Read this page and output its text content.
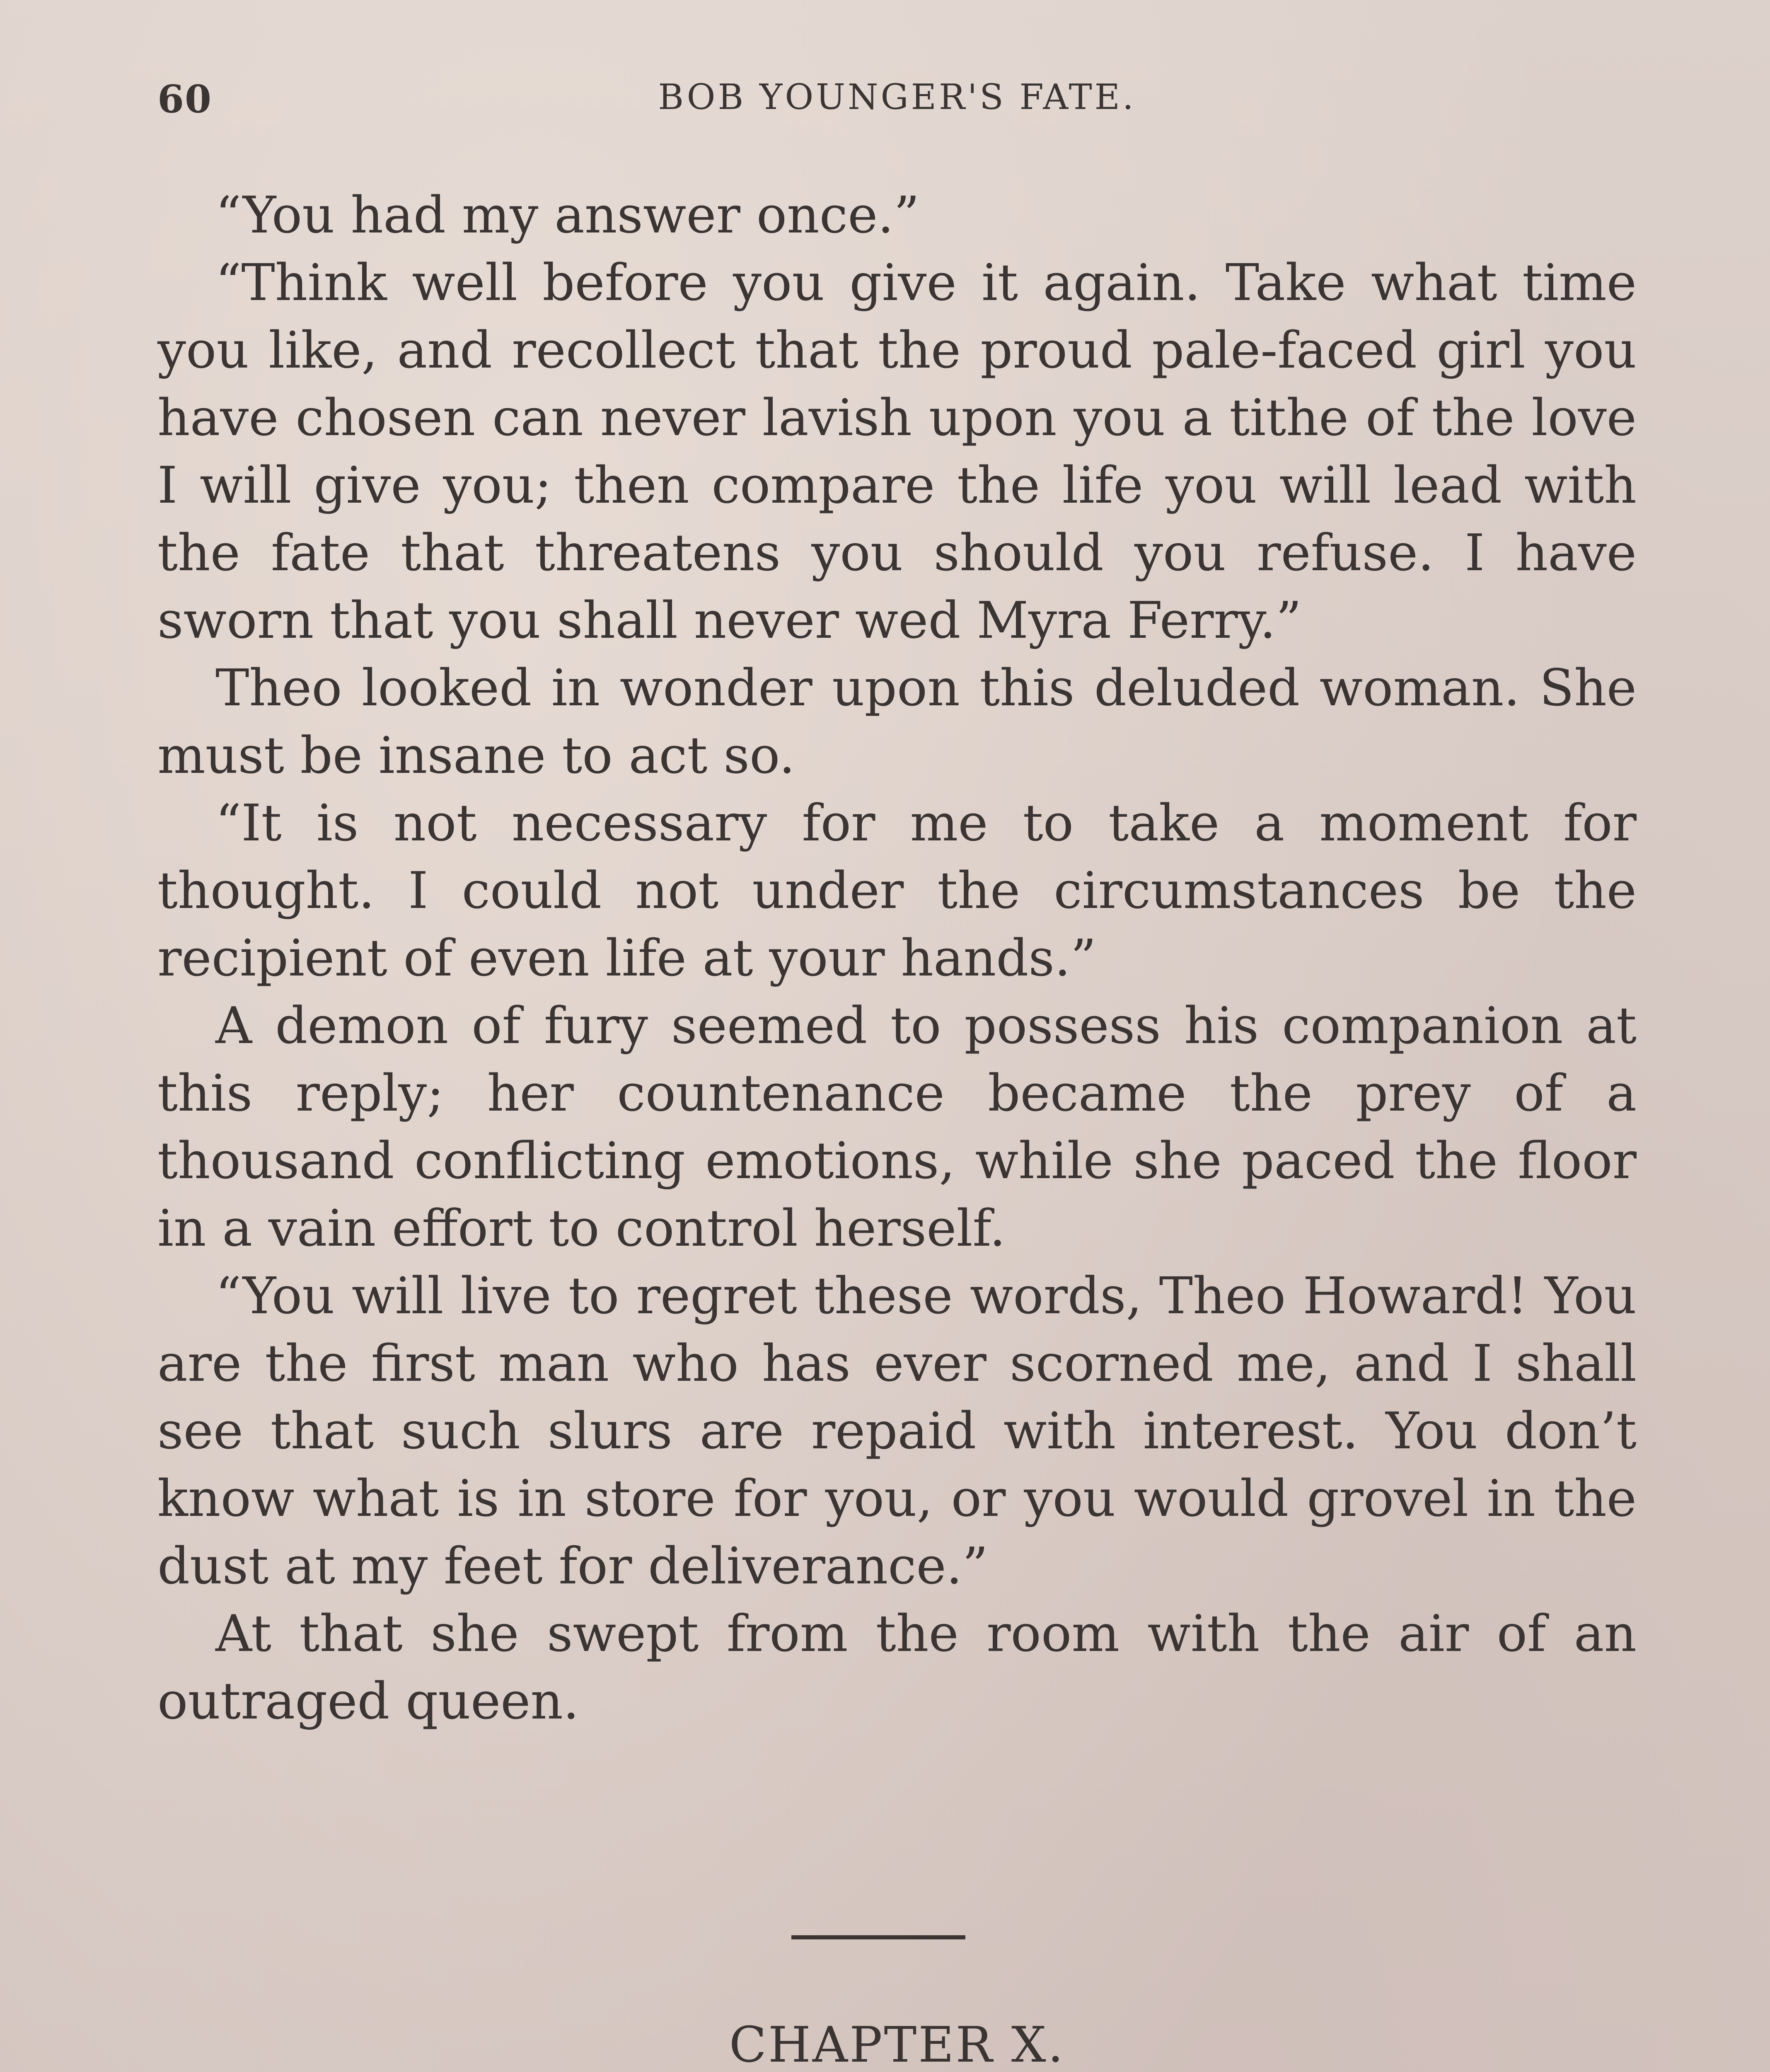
60	BOB YOUNGER'S FATE.

“You had my answer once.”

“Think well before you give it again. Take what time you like, and recollect that the proud pale-faced girl you have chosen can never lavish upon you a tithe of the love I will give you; then compare the life you will lead with the fate that threatens you should you refuse. I have sworn that you shall never wed Myra Ferry.”

Theo looked in wonder upon this deluded woman. She must be insane to act so.

“It is not necessary for me to take a moment for thought. I could not under the circumstances be the recipient of even life at your hands.”

A demon of fury seemed to possess his companion at this reply; her countenance became the prey of a thousand conflicting emotions, while she paced the floor in a vain effort to control herself.

“You will live to regret these words, Theo Howard! You are the first man who has ever scorned me, and I shall see that such slurs are repaid with interest. You don’t know what is in store for you, or you would grovel in the dust at my feet for deliverance.”

At that she swept from the room with the air of an outraged queen.

CHAPTER X.
